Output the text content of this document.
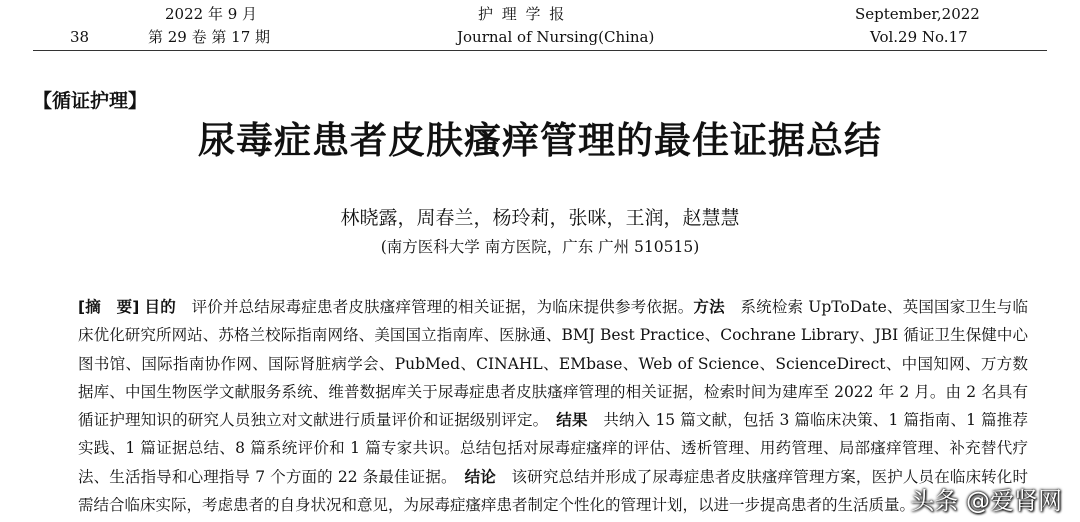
38
2022 年 9 月
第 29 卷 第 17 期
护 理 学 报
Journal of Nursing(China)
September,2022
Vol.29 No.17
【循证护理】
尿毒症患者皮肤瘙痒管理的最佳证据总结
林晓露，周春兰，杨玲莉，张咪，王润，赵慧慧
(南方医科大学 南方医院，广东 广州 510515)
[摘　要] 目的　 评价并总结尿毒症患者皮肤瘙痒管理的相关证据，为临床提供参考依据。方法　 系统检索 UpToDate、英国国家卫生与临床优化研究所网站、苏格兰校际指南网络、美国国立指南库、医脉通、BMJ Best Practice、Cochrane Library、JBI 循证卫生保健中心图书馆、国际指南协作网、国际肾脏病学会、PubMed、CINAHL、EMbase、Web of Science、ScienceDirect、中国知网、万方数据库、中国生物医学文献服务系统、维普数据库关于尿毒症患者皮肤瘙痒管理的相关证据，检索时间为建库至 2022 年 2 月。由 2 名具有循证护理知识的研究人员独立对文献进行质量评价和证据级别评定。　 结果　 共纳入 15 篇文献，包括 3 篇临床决策、1 篇指南、1 篇推荐实践、1 篇证据总结、8 篇系统评价和 1 篇专家共识。总结包括对尿毒症瘙痒的评估、透析管理、用药管理、局部瘙痒管理、补充替代疗法、生活指导和心理指导 7 个方面的 22 条最佳证据。　 结论　 该研究总结并形成了尿毒症患者皮肤瘙痒管理方案，医护人员在临床转化时需结合临床实际，考虑患者的自身状况和意见，为尿毒症瘙痒患者制定个性化的管理计划，以进一步提高患者的生活质量。
头条 @爱肾网
